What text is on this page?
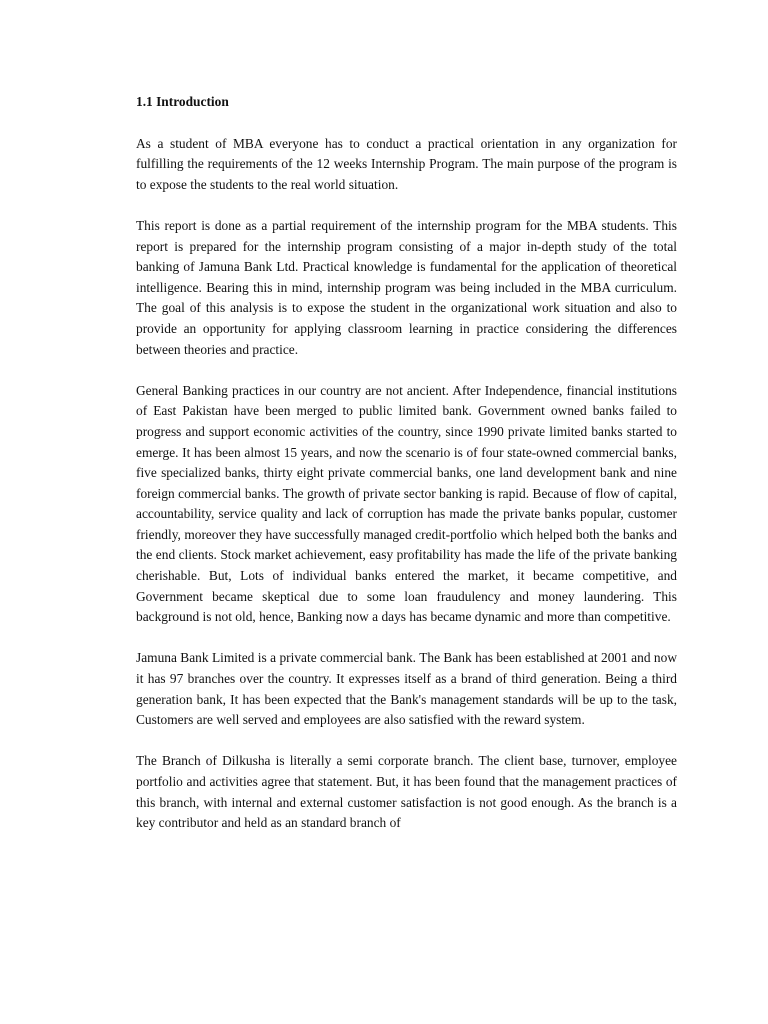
1.1 Introduction

As a student of MBA everyone has to conduct a practical orientation in any organization for fulfilling the requirements of the 12 weeks Internship Program. The main purpose of the program is to expose the students to the real world situation.

This report is done as a partial requirement of the internship program for the MBA students. This report is prepared for the internship program consisting of a major in-depth study of the total banking of Jamuna Bank Ltd. Practical knowledge is fundamental for the application of theoretical intelligence. Bearing this in mind, internship program was being included in the MBA curriculum. The goal of this analysis is to expose the student in the organizational work situation and also to provide an opportunity for applying classroom learning in practice considering the differences between theories and practice.

General Banking practices in our country are not ancient. After Independence, financial institutions of East Pakistan have been merged to public limited bank. Government owned banks failed to progress and support economic activities of the country, since 1990 private limited banks started to emerge. It has been almost 15 years, and now the scenario is of four state-owned commercial banks, five specialized banks, thirty eight private commercial banks, one land development bank and nine foreign commercial banks. The growth of private sector banking is rapid. Because of flow of capital, accountability, service quality and lack of corruption has made the private banks popular, customer friendly, moreover they have successfully managed credit-portfolio which helped both the banks and the end clients. Stock market achievement, easy profitability has made the life of the private banking cherishable. But, Lots of individual banks entered the market, it became competitive, and Government became skeptical due to some loan fraudulency and money laundering. This background is not old, hence, Banking now a days has became dynamic and more than competitive.

Jamuna Bank Limited is a private commercial bank. The Bank has been established at 2001 and now it has 97 branches over the country. It expresses itself as a brand of third generation. Being a third generation bank, It has been expected that the Bank's management standards will be up to the task, Customers are well served and employees are also satisfied with the reward system.

The Branch of Dilkusha is literally a semi corporate branch. The client base, turnover, employee portfolio and activities agree that statement. But, it has been found that the management practices of this branch, with internal and external customer satisfaction is not good enough. As the branch is a key contributor and held as an standard branch of
